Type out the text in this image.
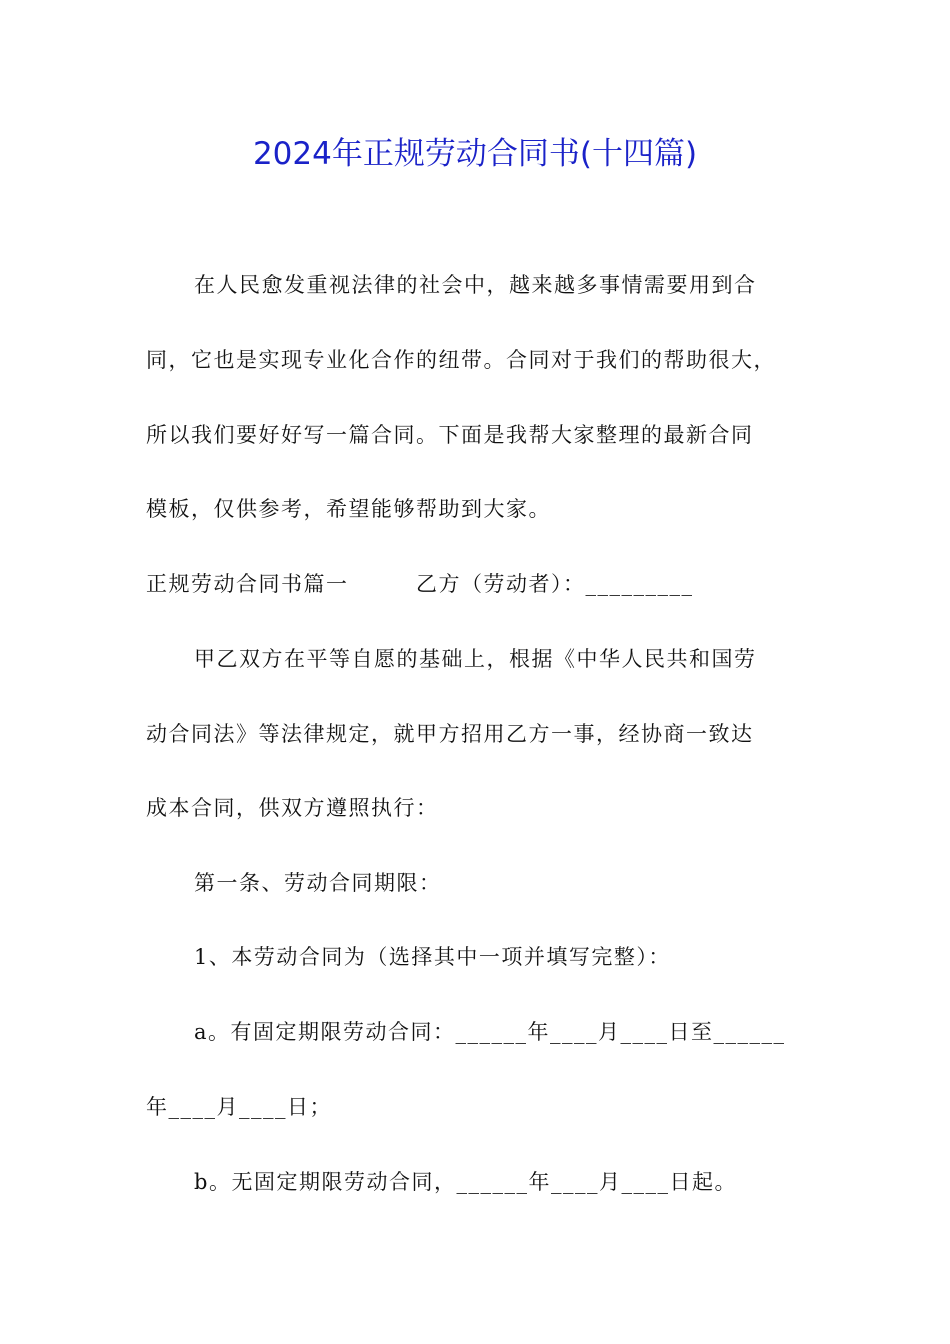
2024年正规劳动合同书(十四篇)
在人民愈发重视法律的社会中，越来越多事情需要用到合
同，它也是实现专业化合作的纽带。合同对于我们的帮助很大，
所以我们要好好写一篇合同。下面是我帮大家整理的最新合同
模板，仅供参考，希望能够帮助到大家。
正规劳动合同书篇一　　　乙方（劳动者）：_________
甲乙双方在平等自愿的基础上，根据《中华人民共和国劳
动合同法》等法律规定，就甲方招用乙方一事，经协商一致达
成本合同，供双方遵照执行：
第一条、劳动合同期限：
1、本劳动合同为（选择其中一项并填写完整）：
a。有固定期限劳动合同：______年____月____日至______
年____月____日；
b。无固定期限劳动合同，______年____月____日起。
